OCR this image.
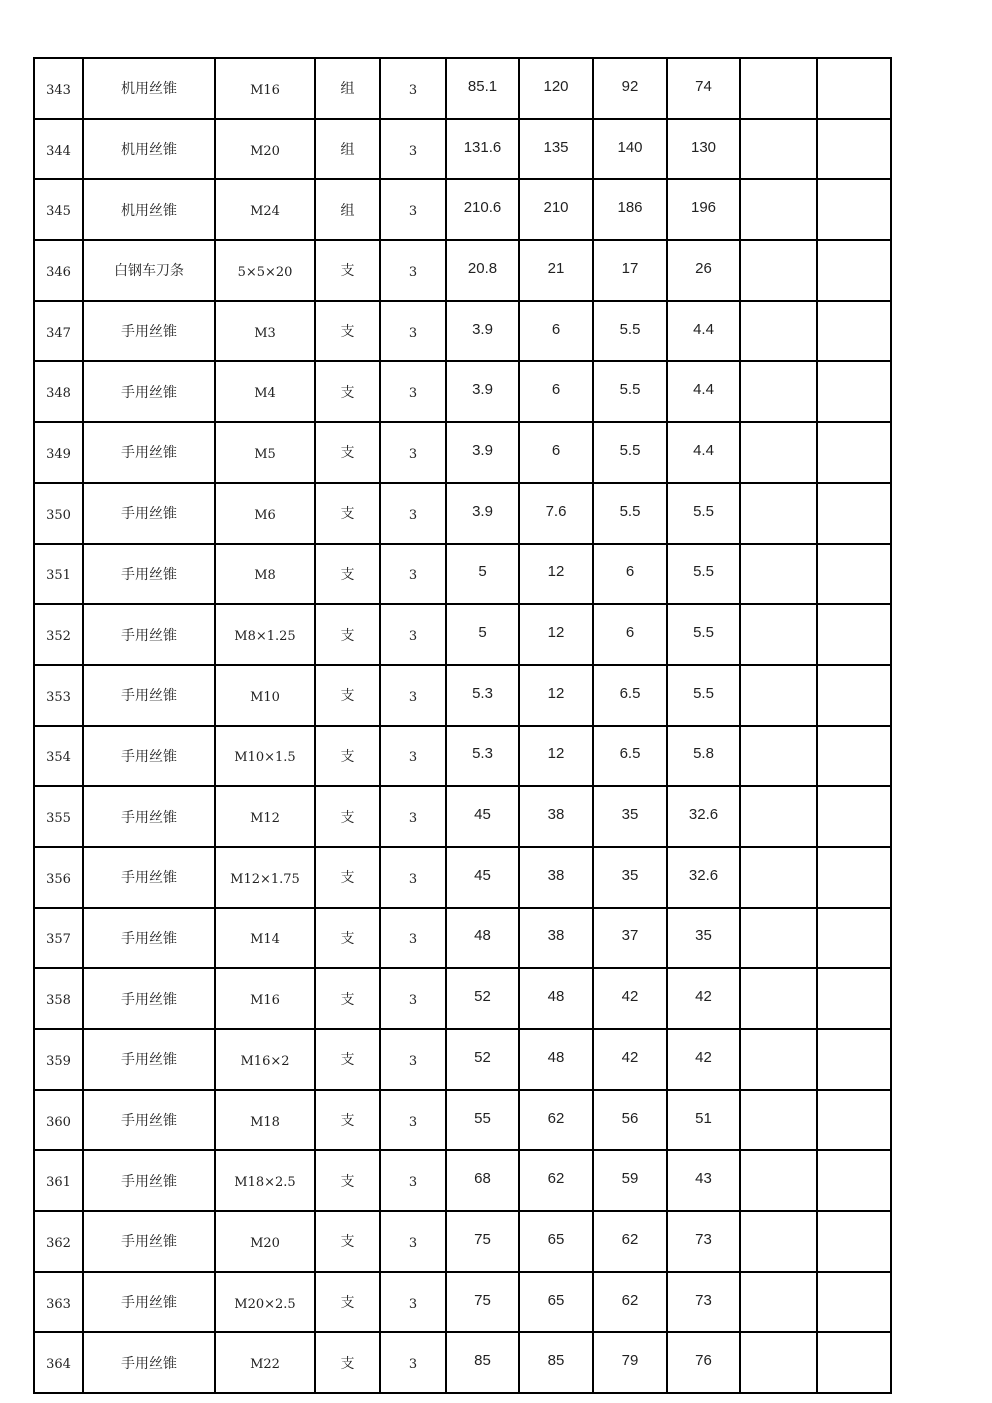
343	机用丝锥	M16	组	3	85.1	120	92	74		
344	机用丝锥	M20	组	3	131.6	135	140	130		
345	机用丝锥	M24	组	3	210.6	210	186	196		
346	白钢车刀条	5×5×20	支	3	20.8	21	17	26		
347	手用丝锥	M3	支	3	3.9	6	5.5	4.4		
348	手用丝锥	M4	支	3	3.9	6	5.5	4.4		
349	手用丝锥	M5	支	3	3.9	6	5.5	4.4		
350	手用丝锥	M6	支	3	3.9	7.6	5.5	5.5		
351	手用丝锥	M8	支	3	5	12	6	5.5		
352	手用丝锥	M8×1.25	支	3	5	12	6	5.5		
353	手用丝锥	M10	支	3	5.3	12	6.5	5.5		
354	手用丝锥	M10×1.5	支	3	5.3	12	6.5	5.8		
355	手用丝锥	M12	支	3	45	38	35	32.6		
356	手用丝锥	M12×1.75	支	3	45	38	35	32.6		
357	手用丝锥	M14	支	3	48	38	37	35		
358	手用丝锥	M16	支	3	52	48	42	42		
359	手用丝锥	M16×2	支	3	52	48	42	42		
360	手用丝锥	M18	支	3	55	62	56	51		
361	手用丝锥	M18×2.5	支	3	68	62	59	43		
362	手用丝锥	M20	支	3	75	65	62	73		
363	手用丝锥	M20×2.5	支	3	75	65	62	73		
364	手用丝锥	M22	支	3	85	85	79	76		
